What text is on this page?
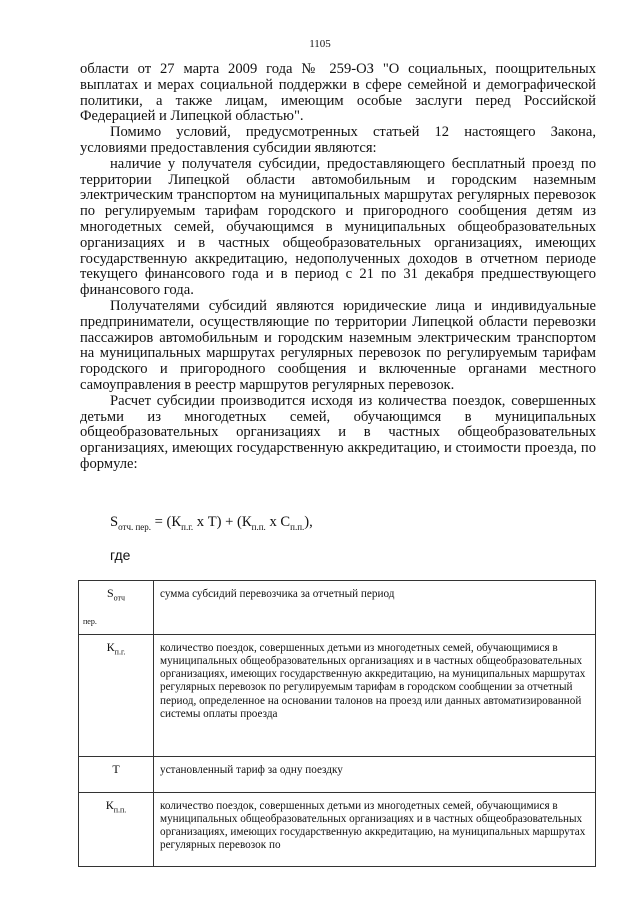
1105

области от 27 марта 2009 года № 259-ОЗ "О социальных, поощрительных выплатах и мерах социальной поддержки в сфере семейной и демографической политики, а также лицам, имеющим особые заслуги перед Российской Федерацией и Липецкой областью".

Помимо условий, предусмотренных статьей 12 настоящего Закона, условиями предоставления субсидии являются:

наличие у получателя субсидии, предоставляющего бесплатный проезд по территории Липецкой области автомобильным и городским наземным электрическим транспортом на муниципальных маршрутах регулярных перевозок по регулируемым тарифам городского и пригородного сообщения детям из многодетных семей, обучающимся в муниципальных общеобразовательных организациях и в частных общеобразовательных организациях, имеющих государственную аккредитацию, недополученных доходов в отчетном периоде текущего финансового года и в период с 21 по 31 декабря предшествующего финансового года.

Получателями субсидий являются юридические лица и индивидуальные предприниматели, осуществляющие по территории Липецкой области перевозки пассажиров автомобильным и городским наземным электрическим транспортом на муниципальных маршрутах регулярных перевозок по регулируемым тарифам городского и пригородного сообщения и включенные органами местного самоуправления в реестр маршрутов регулярных перевозок.

Расчет субсидии производится исходя из количества поездок, совершенных детьми из многодетных семей, обучающимся в муниципальных общеобразовательных организациях и в частных общеобразовательных организациях, имеющих государственную аккредитацию, и стоимости проезда, по формуле:

$S_{отч. пер.} = (К_{п.г.}$ х $Т) + (К_{п.п.}$ х $С_{п.п.}$),
где
$S_{отч}$
пер.	сумма субсидий перевозчика за отчетный период

$К_{п.г.}$	количество поездок, совершенных детьми из многодетных семей, обучающимися в муниципальных общеобразовательных организациях и в частных общеобразовательных организациях, имеющих государственную аккредитацию, на муниципальных маршрутах регулярных перевозок по регулируемым тарифам в городском сообщении за отчетный период, определенное на основании талонов на проезд или данных автоматизированной системы оплаты проезда

Т	установленный тариф за одну поездку

$К_{п.п.}$	количество поездок, совершенных детьми из многодетных семей, обучающимися в муниципальных общеобразовательных организациях и в частных общеобразовательных организациях, имеющих государственную аккредитацию, на муниципальных маршрутах регулярных перевозок по
